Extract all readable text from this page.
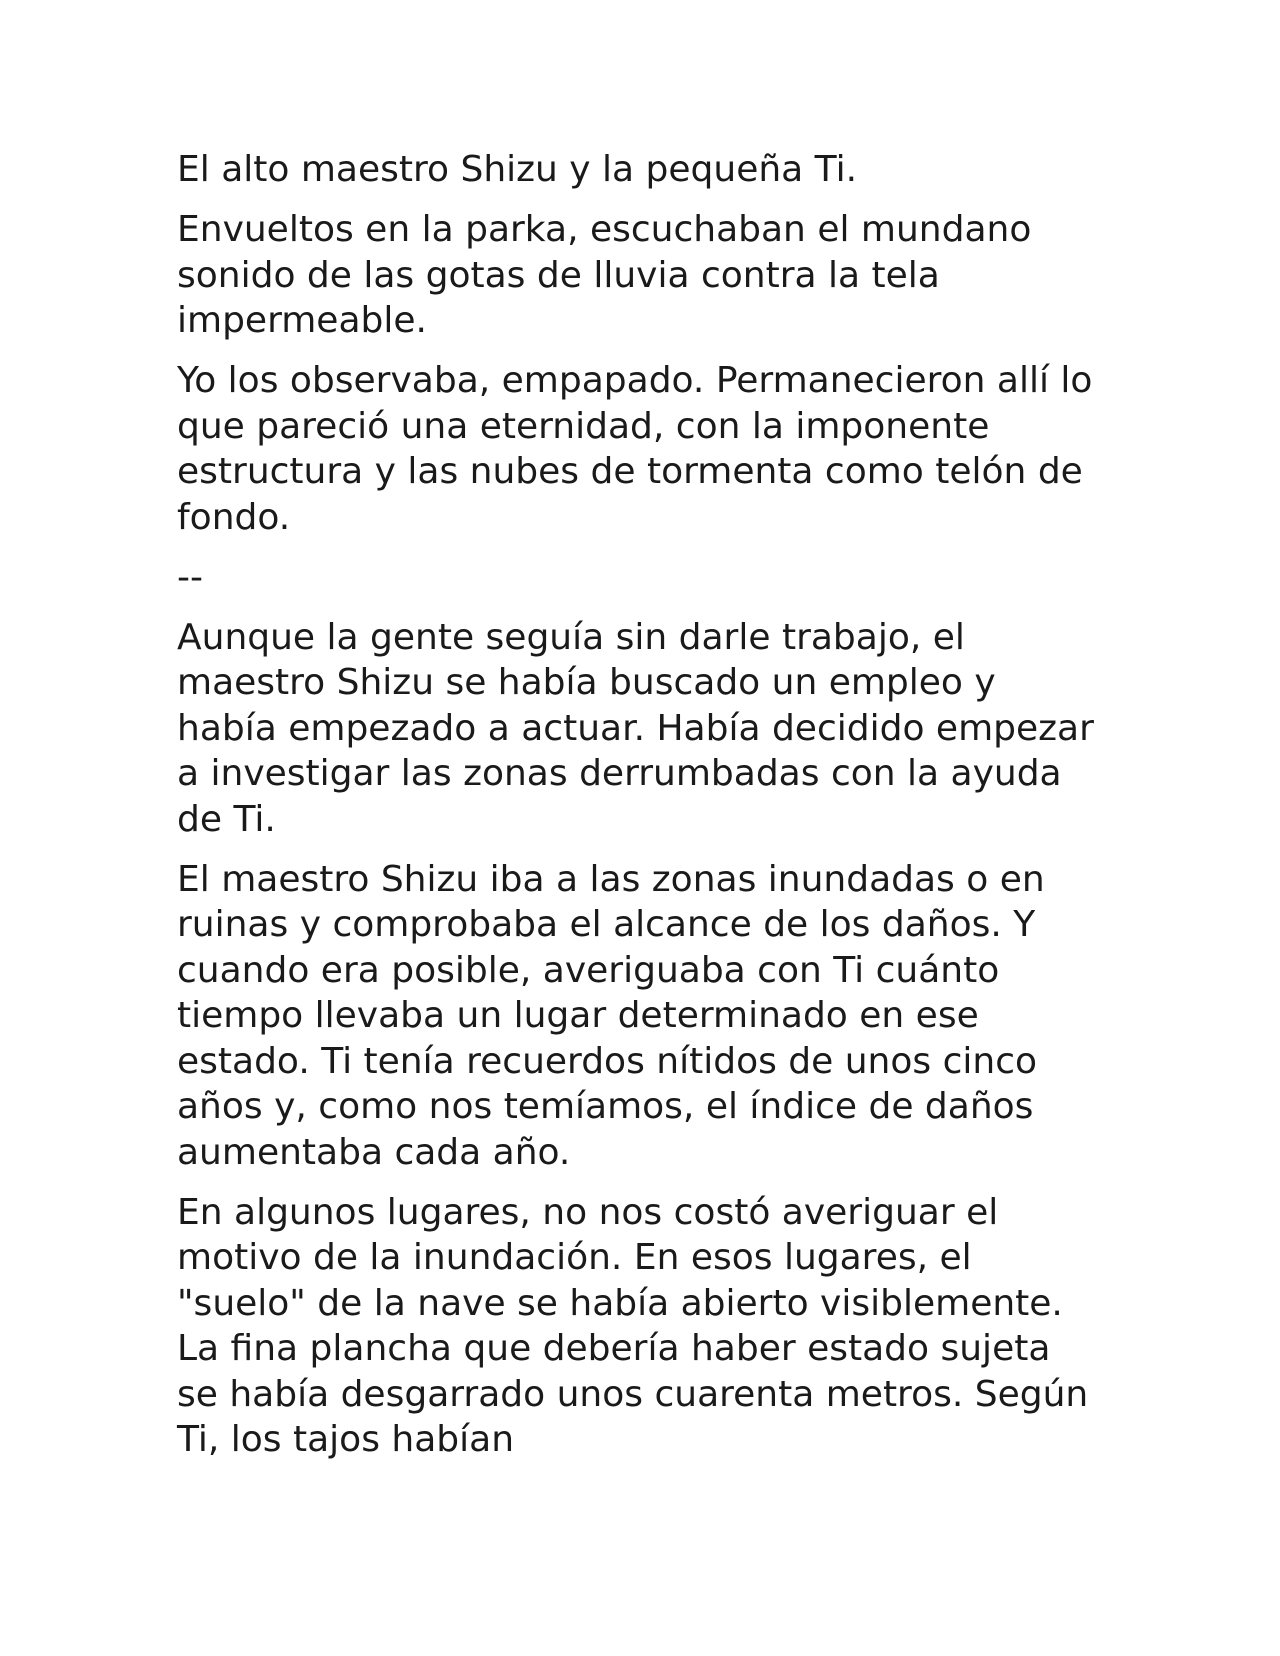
El alto maestro Shizu y la pequeña Ti.

Envueltos en la parka, escuchaban el mundano sonido de las gotas de lluvia contra la tela impermeable.

Yo los observaba, empapado. Permanecieron allí lo que pareció una eternidad, con la imponente estructura y las nubes de tormenta como telón de fondo.

--

Aunque la gente seguía sin darle trabajo, el maestro Shizu se había buscado un empleo y había empezado a actuar. Había decidido empezar a investigar las zonas derrumbadas con la ayuda de Ti.

El maestro Shizu iba a las zonas inundadas o en ruinas y comprobaba el alcance de los daños. Y cuando era posible, averiguaba con Ti cuánto tiempo llevaba un lugar determinado en ese estado. Ti tenía recuerdos nítidos de unos cinco años y, como nos temíamos, el índice de daños aumentaba cada año.

En algunos lugares, no nos costó averiguar el motivo de la inundación. En esos lugares, el "suelo" de la nave se había abierto visiblemente. La fina plancha que debería haber estado sujeta se había desgarrado unos cuarenta metros. Según Ti, los tajos habían
